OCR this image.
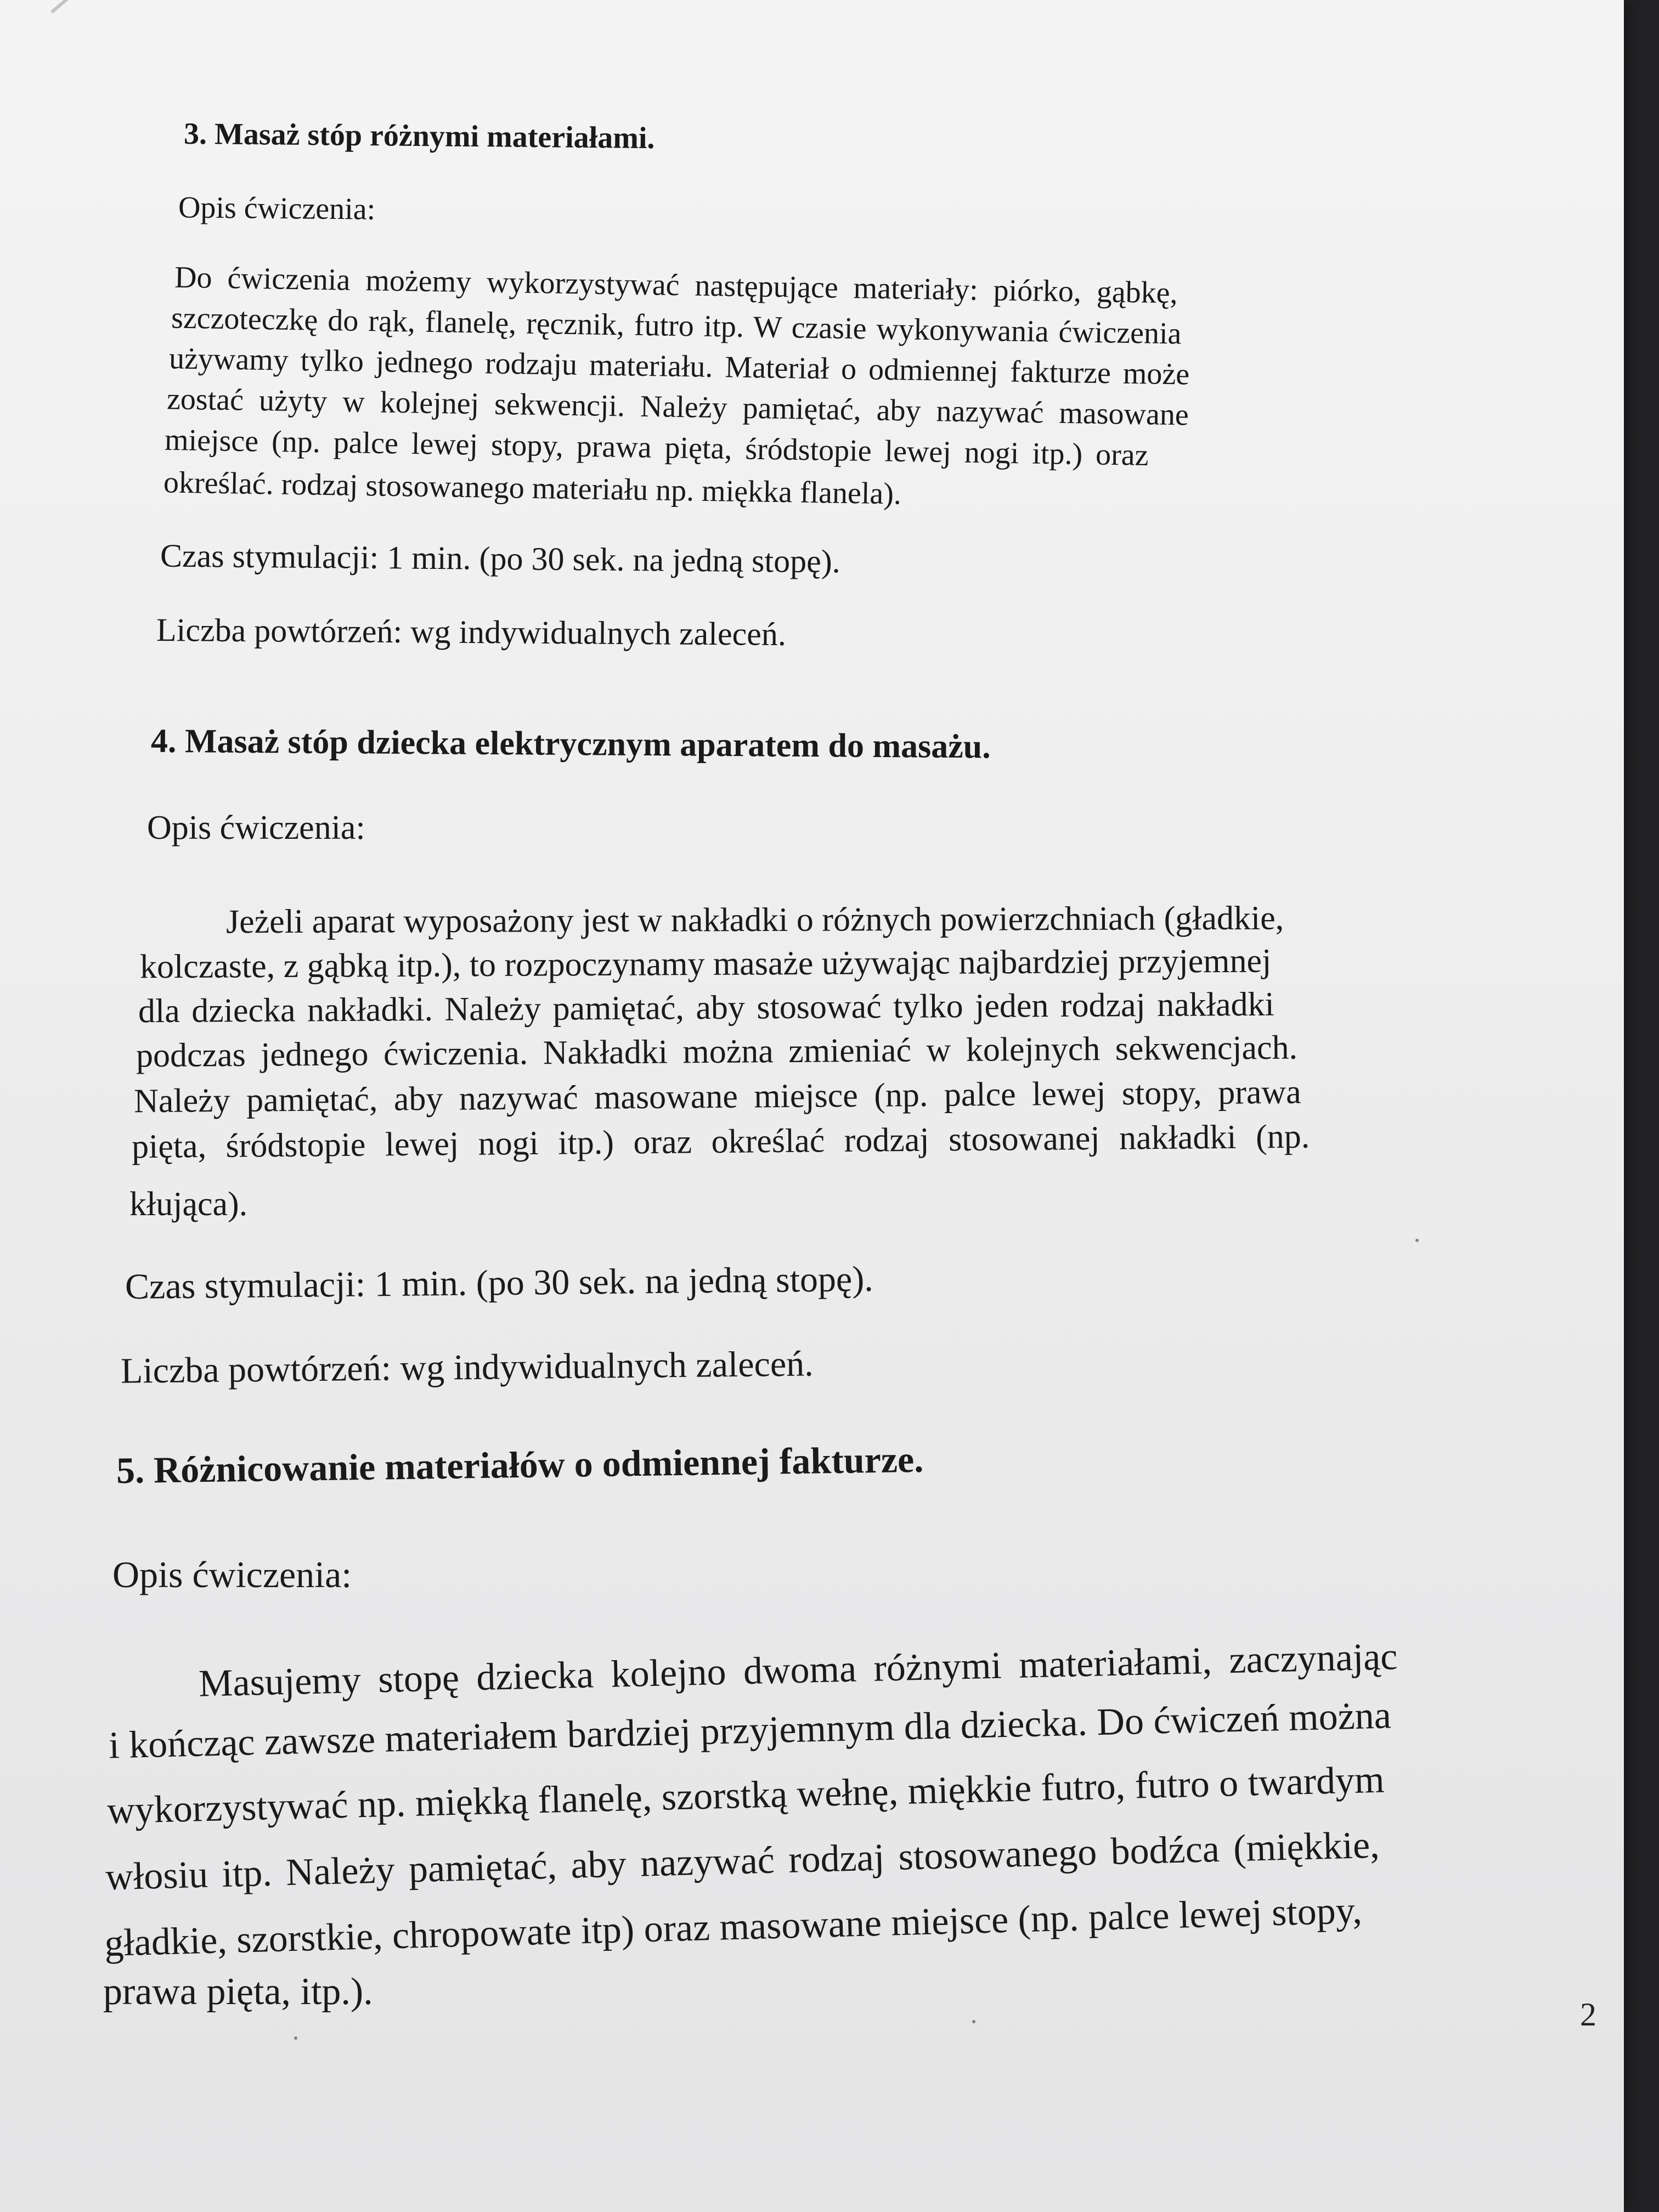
3. Masaż stóp różnymi materiałami.
Opis ćwiczenia:
Do ćwiczenia możemy wykorzystywać następujące materiały: piórko, gąbkę,
szczoteczkę do rąk, flanelę, ręcznik, futro itp. W czasie wykonywania ćwiczenia
używamy tylko jednego rodzaju materiału. Materiał o odmiennej fakturze może
zostać użyty w kolejnej sekwencji. Należy pamiętać, aby nazywać masowane
miejsce (np. palce lewej stopy, prawa pięta, śródstopie lewej nogi itp.) oraz
określać. rodzaj stosowanego materiału np. miękka flanela).
Czas stymulacji: 1 min. (po 30 sek. na jedną stopę).
Liczba powtórzeń: wg indywidualnych zaleceń.
4. Masaż stóp dziecka elektrycznym aparatem do masażu.
Opis ćwiczenia:
Jeżeli aparat wyposażony jest w nakładki o różnych powierzchniach (gładkie,
kolczaste, z gąbką itp.), to rozpoczynamy masaże używając najbardziej przyjemnej
dla dziecka nakładki. Należy pamiętać, aby stosować tylko jeden rodzaj nakładki
podczas jednego ćwiczenia. Nakładki można zmieniać w kolejnych sekwencjach.
Należy pamiętać, aby nazywać masowane miejsce (np. palce lewej stopy, prawa
pięta, śródstopie lewej nogi itp.) oraz określać rodzaj stosowanej nakładki (np.
kłująca).
Czas stymulacji: 1 min. (po 30 sek. na jedną stopę).
Liczba powtórzeń: wg indywidualnych zaleceń.
5. Różnicowanie materiałów o odmiennej fakturze.
Opis ćwiczenia:
Masujemy stopę dziecka kolejno dwoma różnymi materiałami, zaczynając
i kończąc zawsze materiałem bardziej przyjemnym dla dziecka. Do ćwiczeń można
wykorzystywać np. miękką flanelę, szorstką wełnę, miękkie futro, futro o twardym
włosiu itp. Należy pamiętać, aby nazywać rodzaj stosowanego bodźca (miękkie,
gładkie, szorstkie, chropowate itp) oraz masowane miejsce (np. palce lewej stopy,
prawa pięta, itp.).
2
